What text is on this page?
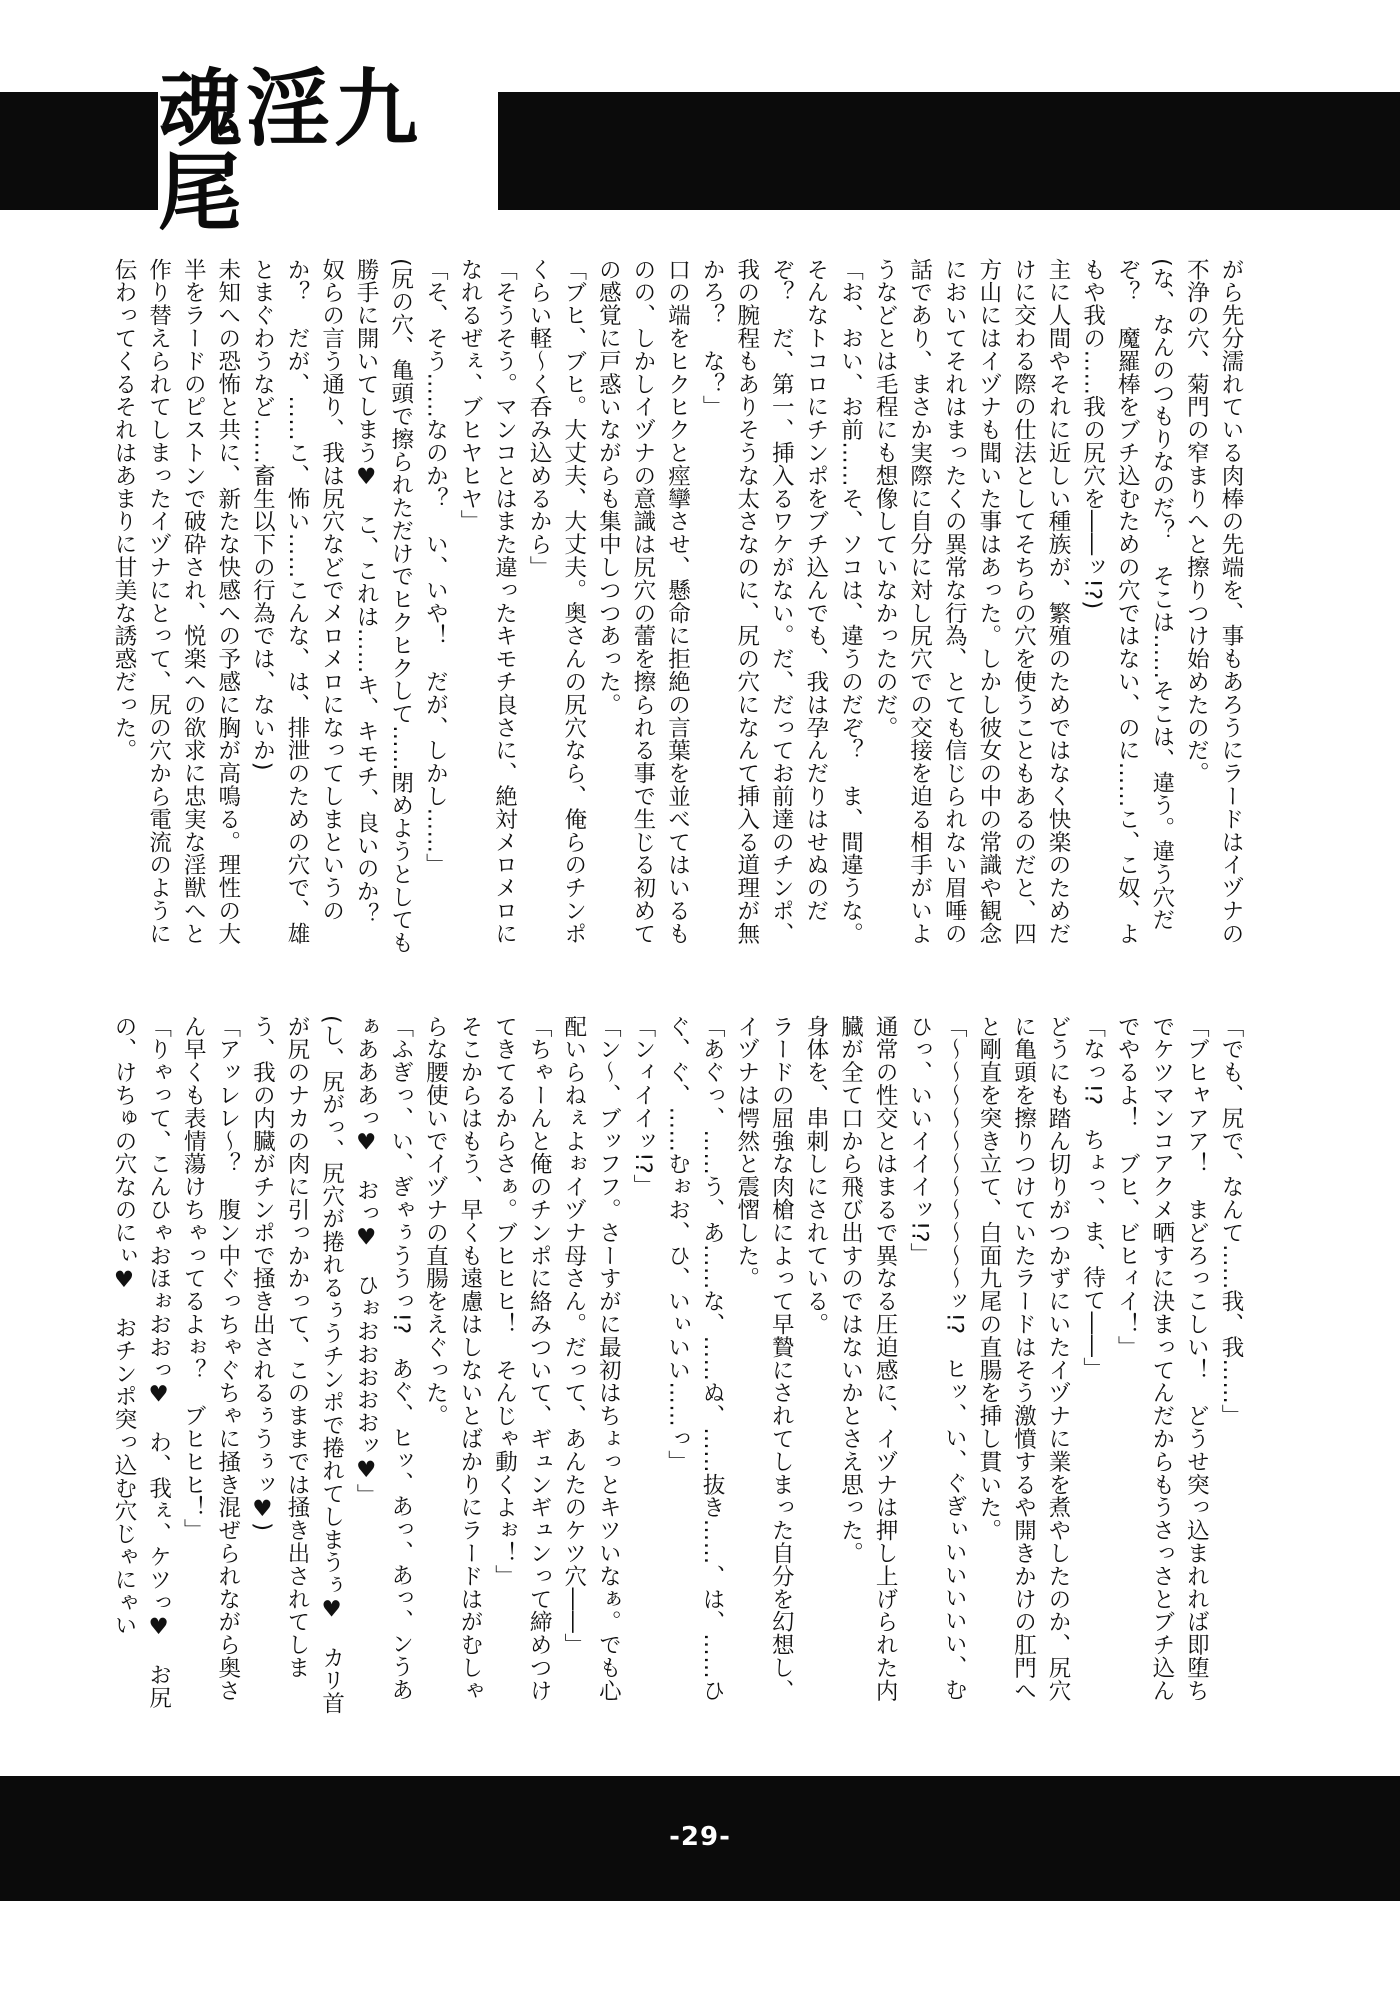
魂淫九尾

がら先分濡れている肉棒の先端を、事もあろうにラードはイヅナの不浄の穴、菊門の窄まりへと擦りつけ始めたのだ。

(な、なんのつもりなのだ？　そこは……そこは、違う。違う穴だぞ？　魔羅棒をブチ込むための穴ではない、のに……こ、こ奴、よもや我の……我の尻穴を――ッ!?)

主に人間やそれに近しい種族が、繁殖のためではなく快楽のためだけに交わる際の仕法としてそちらの穴を使うこともあるのだと、四方山にはイヅナも聞いた事はあった。しかし彼女の中の常識や観念においてそれはまったくの異常な行為、とても信じられない眉唾の話であり、まさか実際に自分に対し尻穴での交接を迫る相手がいようなどとは毛程にも想像していなかったのだ。

「お、おい、お前……そ、ソコは、違うのだぞ？　ま、間違うな。そんなトコロにチンポをブチ込んでも、我は孕んだりはせぬのだぞ？　だ、第一、挿入るワケがない。だ、だってお前達のチンポ、我の腕程もありそうな太さなのに、尻の穴になんて挿入る道理が無かろ？　な？」

口の端をヒクヒクと痙攣させ、懸命に拒絶の言葉を並べてはいるものの、しかしイヅナの意識は尻穴の蕾を擦られる事で生じる初めての感覚に戸惑いながらも集中しつつあった。

「ブヒ、ブヒ。大丈夫、大丈夫。奥さんの尻穴なら、俺らのチンポくらい軽～く呑み込めるから」

「そうそう。マンコとはまた違ったキモチ良さに、絶対メロメロになれるぜぇ、ブヒヤヒヤ」

「そ、そう……なのか？　い、いや！　だが、しかし……」

(尻の穴、亀頭で擦られただけでヒクヒクして……閉めようとしても勝手に開いてしまう♥　こ、これは……キ、キモチ、良いのか？　奴らの言う通り、我は尻穴などでメロメロになってしまというのか？　だが、……こ、怖い……こんな、は、排泄のための穴で、雄とまぐわうなど……畜生以下の行為では、ないか)

未知への恐怖と共に、新たな快感への予感に胸が高鳴る。理性の大半をラードのピストンで破砕され、悦楽への欲求に忠実な淫獣へと作り替えられてしまったイヅナにとって、尻の穴から電流のように伝わってくるそれはあまりに甘美な誘惑だった。

「でも、尻で、なんて……我、我……」

「ブヒャアア！　まどろっこしい！　どうせ突っ込まれれば即堕ちでケツマンコアクメ晒すに決まってんだからもうさっさとブチ込んでやるよ！　ブヒ、ビヒィイ！」

「なっ!?　ちょっ、ま、待て――」

どうにも踏ん切りがつかずにいたイヅナに業を煮やしたのか、尻穴に亀頭を擦りつけていたラードはそう激憤するや開きかけの肛門へと剛直を突き立て、白面九尾の直腸を挿し貫いた。

「～～～～～～～～～～～ッ!?　ヒッ、い、ぐぎぃいいいいい、むひっ、いいイイイッ!?」

通常の性交とはまるで異なる圧迫感に、イヅナは押し上げられた内臓が全て口から飛び出すのではないかとさえ思った。

身体を、串刺しにされている。

ラードの屈強な肉槍によって早贄にされてしまった自分を幻想し、イヅナは愕然と震慴した。

「あぐっ、……う、あ……な、……ぬ、……抜き……、は、……ひぐ、ぐ、……むぉお、ひ、いぃいい……っ」

「ンィイイッ!?」

「ン～、ブッフフ。さーすがに最初はちょっとキツいなぁ。でも心配いらねぇよぉイヅナ母さん。だって、あんたのケツ穴――」

「ちゃーんと俺のチンポに絡みついて、ギュンギュンって締めつけてきてるからさぁ。ブヒヒヒ！　そんじゃ動くよぉ！」

そこからはもう、早くも遠慮はしないとばかりにラードはがむしゃらな腰使いでイヅナの直腸をえぐった。

「ふぎっ、い、ぎゃぅううっ!?　あぐ、ヒッ、あっ、あっ、ンうあぁあああっ♥　おっ♥　ひぉおおおおおッ♥」

(し、尻がっ、尻穴が捲れるぅうチンポで捲れてしまうぅ♥　カリ首が尻のナカの肉に引っかかって、このままでは掻き出されてしまう、我の内臓がチンポで掻き出されるぅうぅッ♥)

「アッレレ～？　腹ン中ぐっちゃぐちゃに掻き混ぜられながら奥さん早くも表情蕩けちゃってるよぉ？　ブヒヒヒ！」

「りゃって、こんひゃおほぉおおっ♥　わ、我ぇ、ケツっ♥　お尻の、けちゅの穴なのにぃ♥　おチンポ突っ込む穴じゃにゃい

-29-
